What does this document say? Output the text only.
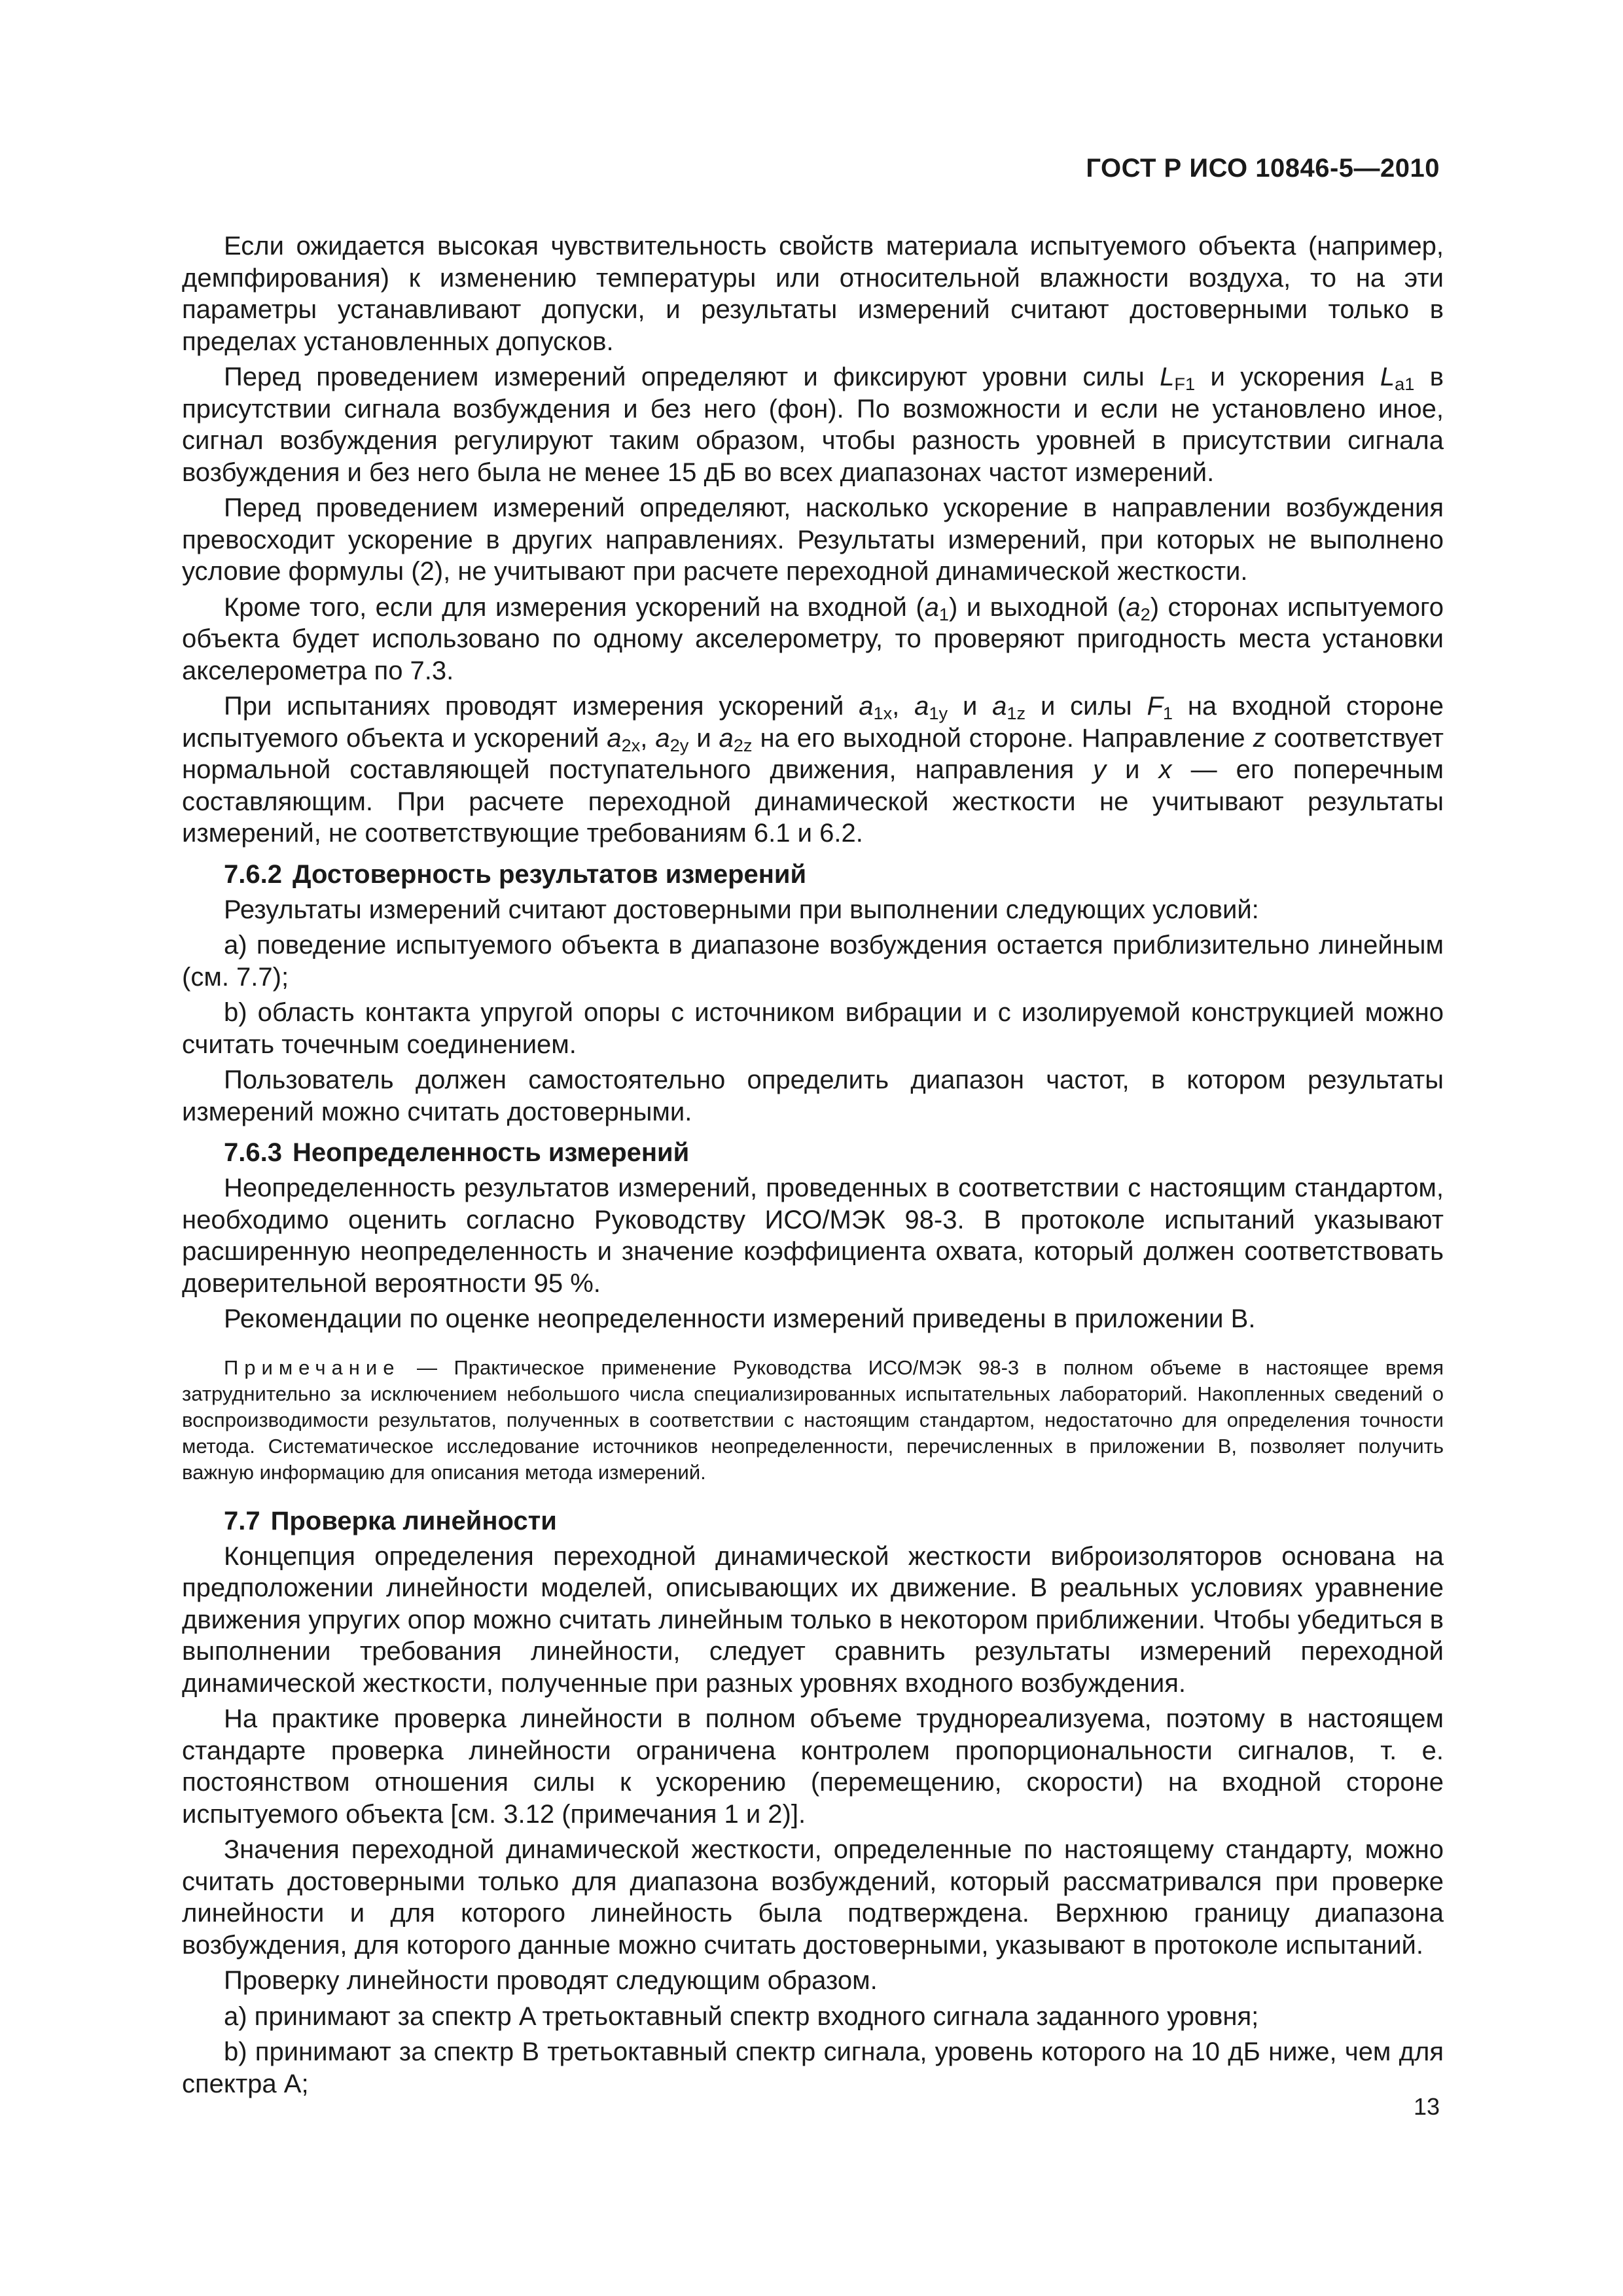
ГОСТ Р ИСО 10846-5—2010

Если ожидается высокая чувствительность свойств материала испытуемого объекта (например, демпфирования) к изменению температуры или относительной влажности воздуха, то на эти параметры устанавливают допуски, и результаты измерений считают достоверными только в пределах установленных допусков.

Перед проведением измерений определяют и фиксируют уровни силы $L_{F1}$ и ускорения $L_{a1}$ в присутствии сигнала возбуждения и без него (фон). По возможности и если не установлено иное, сигнал возбуждения регулируют таким образом, чтобы разность уровней в присутствии сигнала возбуждения и без него была не менее 15 дБ во всех диапазонах частот измерений.

Перед проведением измерений определяют, насколько ускорение в направлении возбуждения превосходит ускорение в других направлениях. Результаты измерений, при которых не выполнено условие формулы (2), не учитывают при расчете переходной динамической жесткости.

Кроме того, если для измерения ускорений на входной $(a_1)$ и выходной $(a_2)$ сторонах испытуемого объекта будет использовано по одному акселерометру, то проверяют пригодность места установки акселерометра по 7.3.

При испытаниях проводят измерения ускорений $a_{1x}$, $a_{1y}$ и $a_{1z}$ и силы $F_1$ на входной стороне испытуемого объекта и ускорений $a_{2x}$, $a_{2y}$ и $a_{2z}$ на его выходной стороне. Направление z соответствует нормальной составляющей поступательного движения, направления y и x — его поперечным составляющим. При расчете переходной динамической жесткости не учитывают результаты измерений, не соответствующие требованиям 6.1 и 6.2.

7.6.2 Достоверность результатов измерений

Результаты измерений считают достоверными при выполнении следующих условий:

a) поведение испытуемого объекта в диапазоне возбуждения остается приблизительно линейным (см. 7.7);

b) область контакта упругой опоры с источником вибрации и с изолируемой конструкцией можно считать точечным соединением.

Пользователь должен самостоятельно определить диапазон частот, в котором результаты измерений можно считать достоверными.

7.6.3 Неопределенность измерений

Неопределенность результатов измерений, проведенных в соответствии с настоящим стандартом, необходимо оценить согласно Руководству ИСО/МЭК 98-3. В протоколе испытаний указывают расширенную неопределенность и значение коэффициента охвата, который должен соответствовать доверительной вероятности 95 %.

Рекомендации по оценке неопределенности измерений приведены в приложении B.

Примечание — Практическое применение Руководства ИСО/МЭК 98-3 в полном объеме в настоящее время затруднительно за исключением небольшого числа специализированных испытательных лабораторий. Накопленных сведений о воспроизводимости результатов, полученных в соответствии с настоящим стандартом, недостаточно для определения точности метода. Систематическое исследование источников неопределенности, перечисленных в приложении B, позволяет получить важную информацию для описания метода измерений.
7.7 Проверка линейности

Концепция определения переходной динамической жесткости виброизоляторов основана на предположении линейности моделей, описывающих их движение. В реальных условиях уравнение движения упругих опор можно считать линейным только в некотором приближении. Чтобы убедиться в выполнении требования линейности, следует сравнить результаты измерений переходной динамической жесткости, полученные при разных уровнях входного возбуждения.

На практике проверка линейности в полном объеме труднореализуема, поэтому в настоящем стандарте проверка линейности ограничена контролем пропорциональности сигналов, т. е. постоянством отношения силы к ускорению (перемещению, скорости) на входной стороне испытуемого объекта [см. 3.12 (примечания 1 и 2)].

Значения переходной динамической жесткости, определенные по настоящему стандарту, можно считать достоверными только для диапазона возбуждений, который рассматривался при проверке линейности и для которого линейность была подтверждена. Верхнюю границу диапазона возбуждения, для которого данные можно считать достоверными, указывают в протоколе испытаний.

Проверку линейности проводят следующим образом.

a) принимают за спектр A третьоктавный спектр входного сигнала заданного уровня;

b) принимают за спектр B третьоктавный спектр сигнала, уровень которого на 10 дБ ниже, чем для спектра A;

13
